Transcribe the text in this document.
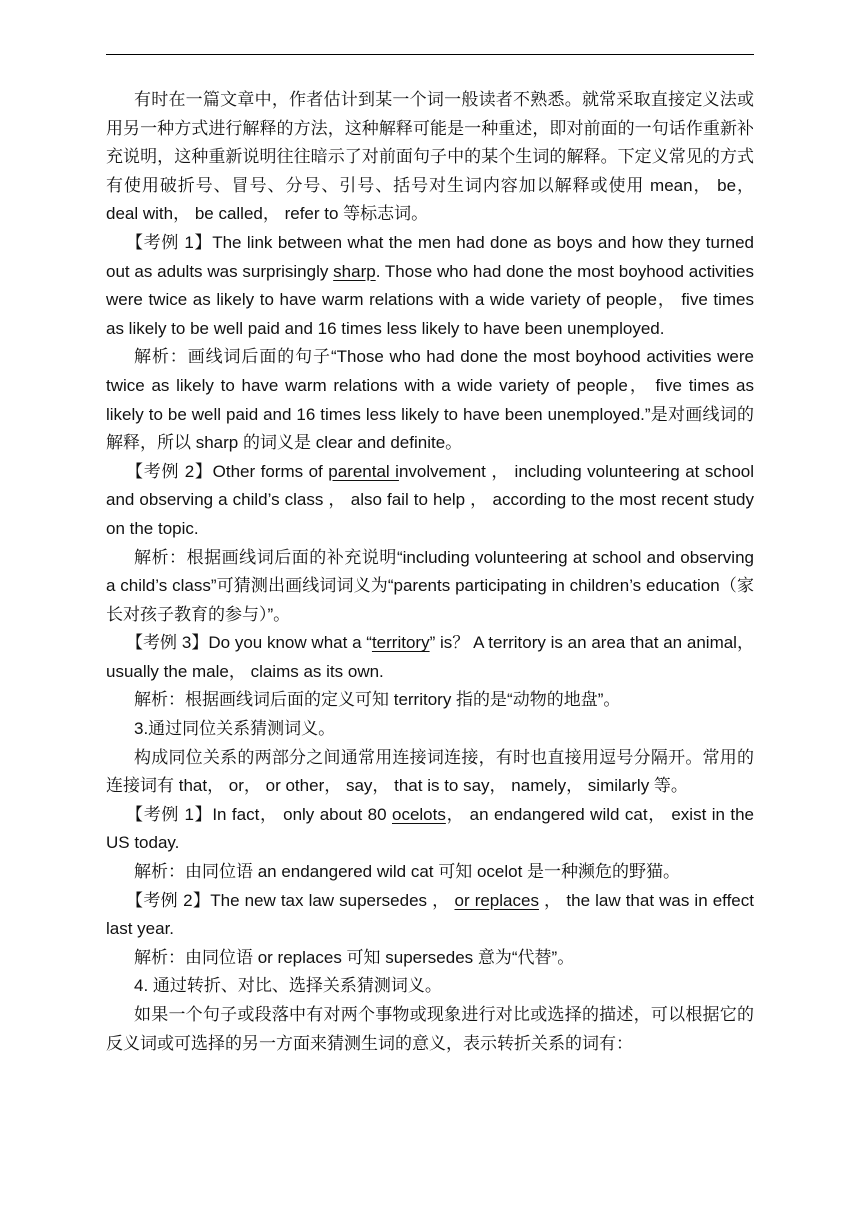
有时在一篇文章中，作者估计到某一个词一般读者不熟悉。就常采取直接定义法或用另一种方式进行解释的方法，这种解释可能是一种重述，即对前面的一句话作重新补充说明，这种重新说明往往暗示了对前面句子中的某个生词的解释。下定义常见的方式有使用破折号、冒号、分号、引号、括号对生词内容加以解释或使用 mean， be， deal with， be called， refer to 等标志词。

【考例 1】The link between what the men had done as boys and how they turned out as adults was surprisingly sharp. Those who had done the most boyhood activities were twice as likely to have warm relations with a wide variety of people， five times as likely to be well paid and 16 times less likely to have been unemployed.

解析：画线词后面的句子“Those who had done the most boyhood activities were twice as likely to have warm relations with a wide variety of people， five times as likely to be well paid and 16 times less likely to have been unemployed.”是对画线词的解释，所以 sharp 的词义是 clear and definite。

【考例 2】Other forms of parental involvement ， including volunteering at school and observing a child’s class ， also fail to help ， according to the most recent study on the topic.

解析：根据画线词后面的补充说明“including volunteering at school and observing a child’s class”可猜测出画线词词义为“parents participating in children’s education（家长对孩子教育的参与）”。

【考例 3】Do you know what a “territory” is？ A territory is an area that an animal， usually the male， claims as its own.

解析：根据画线词后面的定义可知 territory 指的是“动物的地盘”。

3.通过同位关系猜测词义。

构成同位关系的两部分之间通常用连接词连接，有时也直接用逗号分隔开。常用的连接词有 that， or， or other， say， that is to say， namely， similarly 等。

【考例 1】In fact， only about 80 ocelots， an endangered wild cat， exist in the US today.

解析：由同位语 an endangered wild cat 可知 ocelot 是一种濒危的野猫。

【考例 2】The new tax law supersedes ， or replaces ， the law that was in effect last year.

解析：由同位语 or replaces 可知 supersedes 意为“代替”。

4. 通过转折、对比、选择关系猜测词义。

如果一个句子或段落中有对两个事物或现象进行对比或选择的描述，可以根据它的反义词或可选择的另一方面来猜测生词的意义，表示转折关系的词有：
